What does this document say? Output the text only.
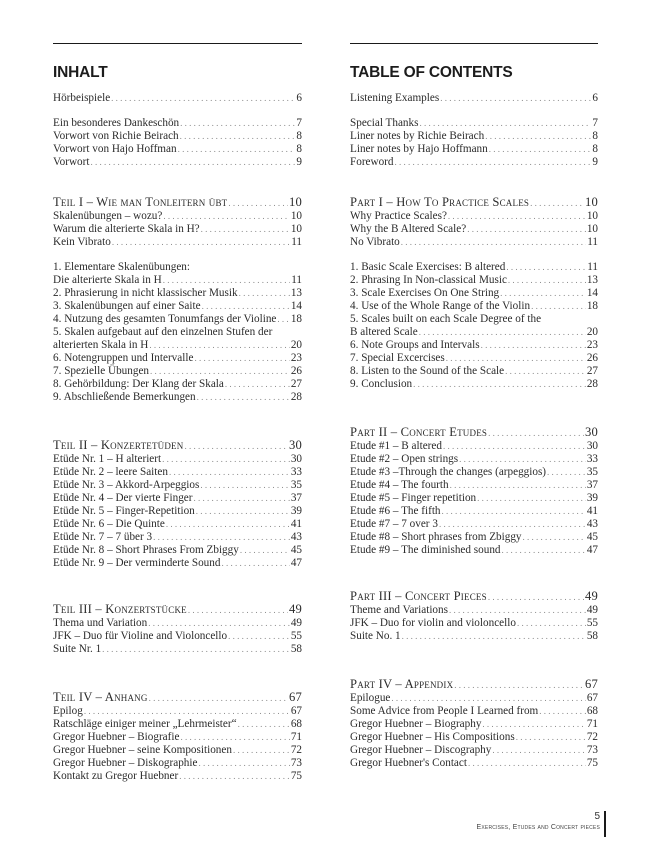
INHALT
Hörbeispiele . . .	6
Ein besonderes Dankeschön . . .	7
Vorwort von Richie Beirach . . .	8
Vorwort von Hajo Hoffman . . .	8
Vorwort . . .	9
Teil I – Wie man Tonleitern übt . . .	10
Skalenübungen – wozu? . . .	10
Warum die alterierte Skala in H? . . .	10
Kein Vibrato . . .	11
1. Elementare Skalenübungen:
Die alterierte Skala in H . . .	11
2. Phrasierung in nicht klassischer Musik . . .	13
3. Skalenübungen auf einer Saite . . .	14
4. Nutzung des gesamten Tonumfangs der Violine . . . 18
5. Skalen aufgebaut auf den einzelnen Stufen der
alterierten Skala in H . . .	20
6. Notengruppen und Intervalle . . .	23
7. Spezielle Übungen . . .	26
8. Gehörbildung: Der Klang der Skala . . .	27
9. Abschließende Bemerkungen . . .	28
Teil II – Konzertetüden . . .	30
Etüde Nr. 1 – H alteriert . . .	30
Etüde Nr. 2 – leere Saiten . . .	33
Etüde Nr. 3 – Akkord-Arpeggios . . .	35
Etüde Nr. 4 – Der vierte Finger . . .	37
Etüde Nr. 5 – Finger-Repetition . . .	39
Etüde Nr. 6 – Die Quinte . . .	41
Etüde Nr. 7 – 7 über 3 . . .	43
Etüde Nr. 8 – Short Phrases From Zbiggy . . .	45
Etüde Nr. 9 – Der verminderte Sound . . .	47
Teil III – Konzertstücke . . .	49
Thema und Variation . . .	49
JFK – Duo für Violine and Violoncello . . .	55
Suite Nr. 1 . . .	58
Teil IV – Anhang . . .	67
Epilog . . .	67
Ratschläge einiger meiner „Lehrmeister“ . . .	68
Gregor Huebner – Biografie . . .	71
Gregor Huebner – seine Kompositionen . . .	72
Gregor Huebner – Diskographie . . .	73
Kontakt zu Gregor Huebner . . .	75
TABLE OF CONTENTS
Listening Examples . . .	6
Special Thanks . . .	7
Liner notes by Richie Beirach . . .	8
Liner notes by Hajo Hoffmann . . .	8
Foreword . . .	9
Part I – How To Practice Scales . . .	10
Why Practice Scales? . . .	10
Why the B Altered Scale? . . .	10
No Vibrato . . .	11
1. Basic Scale Exercises: B altered . . .	11
2. Phrasing In Non-classical Music . . .	13
3. Scale Exercises On One String . . .	14
4. Use of the Whole Range of the Violin . . .	18
5. Scales built on each Scale Degree of the
B altered Scale . . .	20
6. Note Groups and Intervals . . .	23
7. Special Excercises . . .	26
8. Listen to the Sound of the Scale . . .	27
9. Conclusion . . .	28
Part II – Concert Etudes . . .	30
Etude #1 – B altered . . .	30
Etude #2 – Open strings . . .	33
Etude #3 –Through the changes (arpeggios) . . .	35
Etude #4 – The fourth . . .	37
Etude #5 – Finger repetition . . .	39
Etude #6 – The fifth . . .	41
Etude #7 – 7 over 3 . . .	43
Etude #8 – Short phrases from Zbiggy . . .	45
Etude #9 – The diminished sound . . .	47
Part III – Concert Pieces . . .	49
Theme and Variations . . .	49
JFK – Duo for violin and violoncello . . .	55
Suite No. 1 . . .	58
Part IV – Appendix . . .	67
Epilogue . . .	67
Some Advice from People I Learned from . . .	68
Gregor Huebner – Biography . . .	71
Gregor Huebner – His Compositions . . .	72
Gregor Huebner – Discography . . .	73
Gregor Huebner's Contact . . .	75
5
Exercises, Etudes and Concert pieces
